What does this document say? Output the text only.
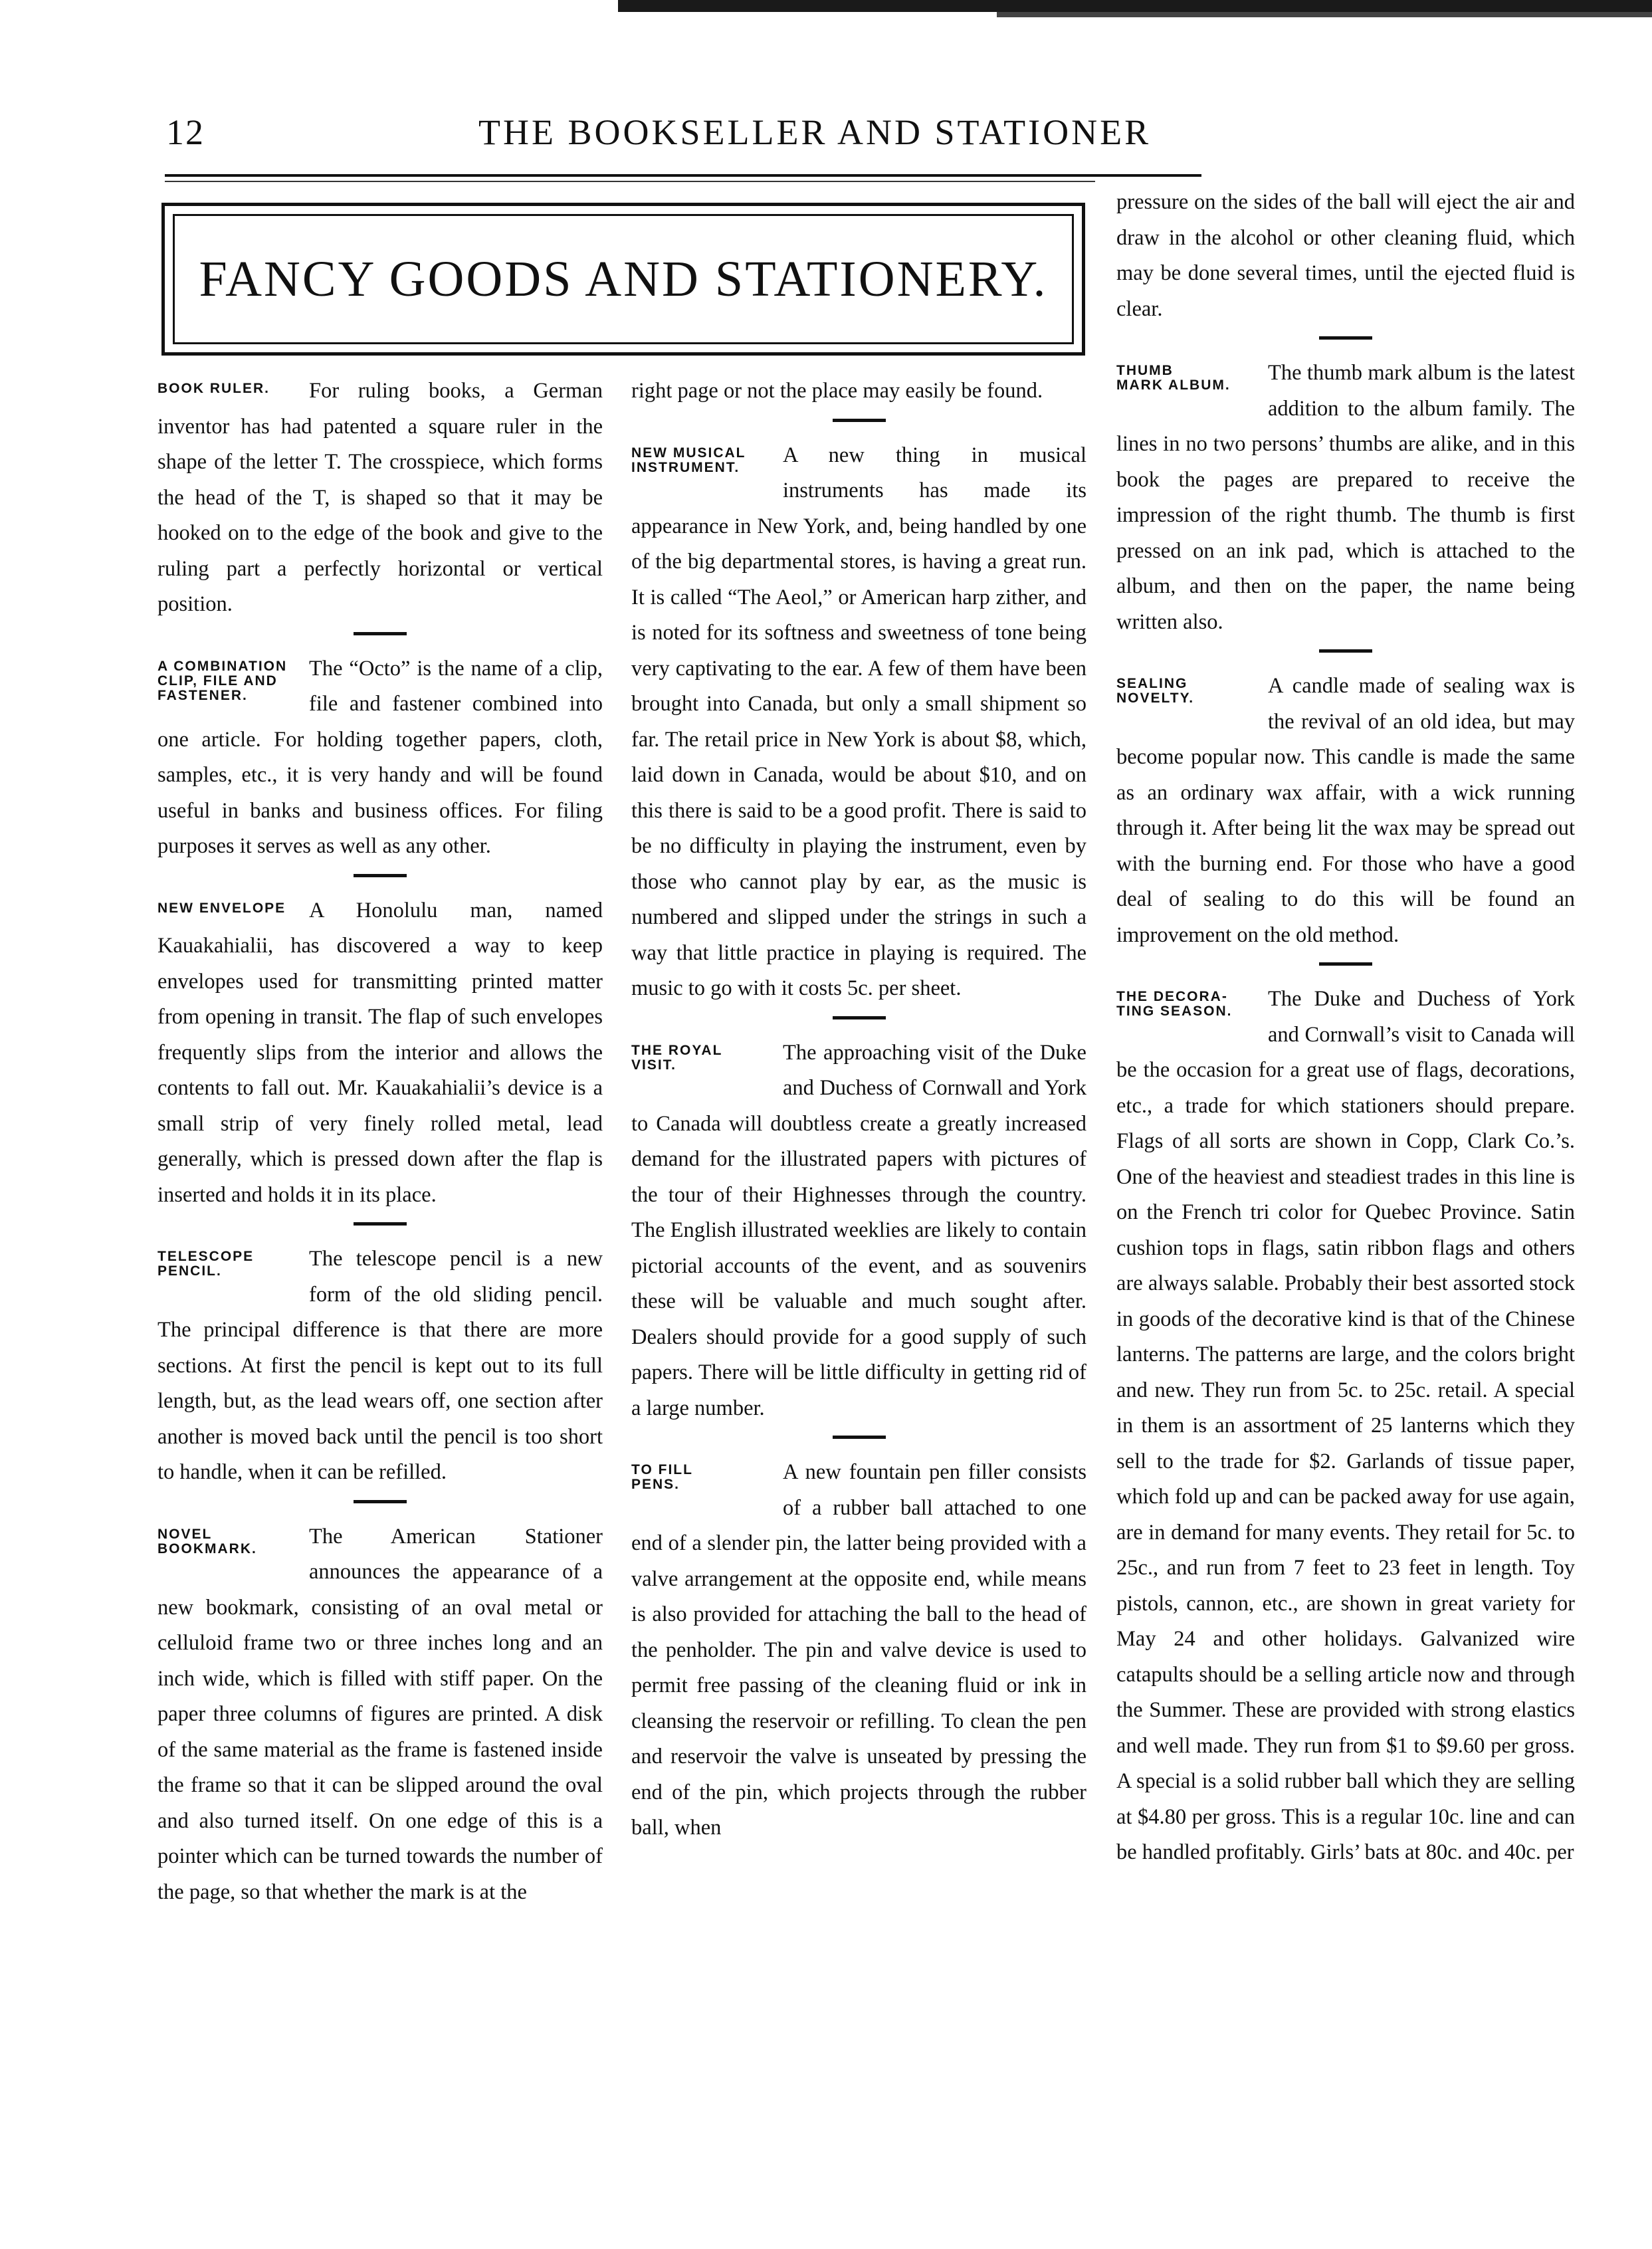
12	THE BOOKSELLER AND STATIONER
FANCY GOODS AND STATIONERY.

BOOK RULER.	For ruling books, a German inventor has had patented a square ruler in the shape of the letter T. The crosspiece, which forms the head of the T, is shaped so that it may be hooked on to the edge of the book and give to the ruling part a perfectly horizontal or vertical position.

A COMBINATION
CLIP, FILE AND
FASTENER.
The “Octo” is the name of a clip, file and fastener combined into one article. For holding together papers, cloth, samples, etc., it is very handy and will be found useful in banks and business offices. For filing purposes it serves as well as any other.

NEW ENVELOPE	A Honolulu man, named Kauakahialii, has discovered a way to keep envelopes used for transmitting printed matter from opening in transit. The flap of such envelopes frequently slips from the interior and allows the contents to fall out. Mr. Kauakahialii’s device is a small strip of very finely rolled metal, lead generally, which is pressed down after the flap is inserted and holds it in its place.

TELESCOPE
PENCIL.
The telescope pencil is a new form of the old sliding pencil. The principal difference is that there are more sections. At first the pencil is kept out to its full length, but, as the lead wears off, one section after another is moved back until the pencil is too short to handle, when it can be refilled.

NOVEL
BOOKMARK.
The American Stationer announces the appearance of a new bookmark, consisting of an oval metal or celluloid frame two or three inches long and an inch wide, which is filled with stiff paper. On the paper three columns of figures are printed. A disk of the same material as the frame is fastened inside the frame so that it can be slipped around the oval and also turned itself. On one edge of this is a pointer which can be turned towards the number of the page, so that whether the mark is at the

right page or not the place may easily be found.

NEW MUSICAL
INSTRUMENT.
A new thing in musical instruments has made its appearance in New York, and, being handled by one of the big departmental stores, is having a great run. It is called “The Aeol,” or American harp zither, and is noted for its softness and sweetness of tone being very captivating to the ear. A few of them have been brought into Canada, but only a small shipment so far. The retail price in New York is about $8, which, laid down in Canada, would be about $10, and on this there is said to be a good profit. There is said to be no difficulty in playing the instrument, even by those who cannot play by ear, as the music is numbered and slipped under the strings in such a way that little practice in playing is required. The music to go with it costs 5c. per sheet.

THE ROYAL
VISIT.
The approaching visit of the Duke and Duchess of Cornwall and York to Canada will doubtless create a greatly increased demand for the illustrated papers with pictures of the tour of their Highnesses through the country. The English illustrated weeklies are likely to contain pictorial accounts of the event, and as souvenirs these will be valuable and much sought after. Dealers should provide for a good supply of such papers. There will be little difficulty in getting rid of a large number.

TO FILL
PENS.
A new fountain pen filler consists of a rubber ball attached to one end of a slender pin, the latter being provided with a valve arrangement at the opposite end, while means is also provided for attaching the ball to the head of the penholder. The pin and valve device is used to permit free passing of the cleaning fluid or ink in cleansing the reservoir or refilling. To clean the pen and reservoir the valve is unseated by pressing the end of the pin, which projects through the rubber ball, when

pressure on the sides of the ball will eject the air and draw in the alcohol or other cleaning fluid, which may be done several times, until the ejected fluid is clear.

THUMB
MARK ALBUM.
The thumb mark album is the latest addition to the album family. The lines in no two persons’ thumbs are alike, and in this book the pages are prepared to receive the impression of the right thumb. The thumb is first pressed on an ink pad, which is attached to the album, and then on the paper, the name being written also.

SEALING
NOVELTY.
A candle made of sealing wax is the revival of an old idea, but may become popular now. This candle is made the same as an ordinary wax affair, with a wick running through it. After being lit the wax may be spread out with the burning end. For those who have a good deal of sealing to do this will be found an improvement on the old method.

THE DECORA-
TING SEASON.
The Duke and Duchess of York and Cornwall’s visit to Canada will be the occasion for a great use of flags, decorations, etc., a trade for which stationers should prepare. Flags of all sorts are shown in Copp, Clark Co.’s. One of the heaviest and steadiest trades in this line is on the French tri color for Quebec Province. Satin cushion tops in flags, satin ribbon flags and others are always salable. Probably their best assorted stock in goods of the decorative kind is that of the Chinese lanterns. The patterns are large, and the colors bright and new. They run from 5c. to 25c. retail. A special in them is an assortment of 25 lanterns which they sell to the trade for $2. Garlands of tissue paper, which fold up and can be packed away for use again, are in demand for many events. They retail for 5c. to 25c., and run from 7 feet to 23 feet in length. Toy pistols, cannon, etc., are shown in great variety for May 24 and other holidays. Galvanized wire catapults should be a selling article now and through the Summer. These are provided with strong elastics and well made. They run from $1 to $9.60 per gross. A special is a solid rubber ball which they are selling at $4.80 per gross. This is a regular 10c. line and can be handled profitably. Girls’ bats at 80c. and 40c. per
